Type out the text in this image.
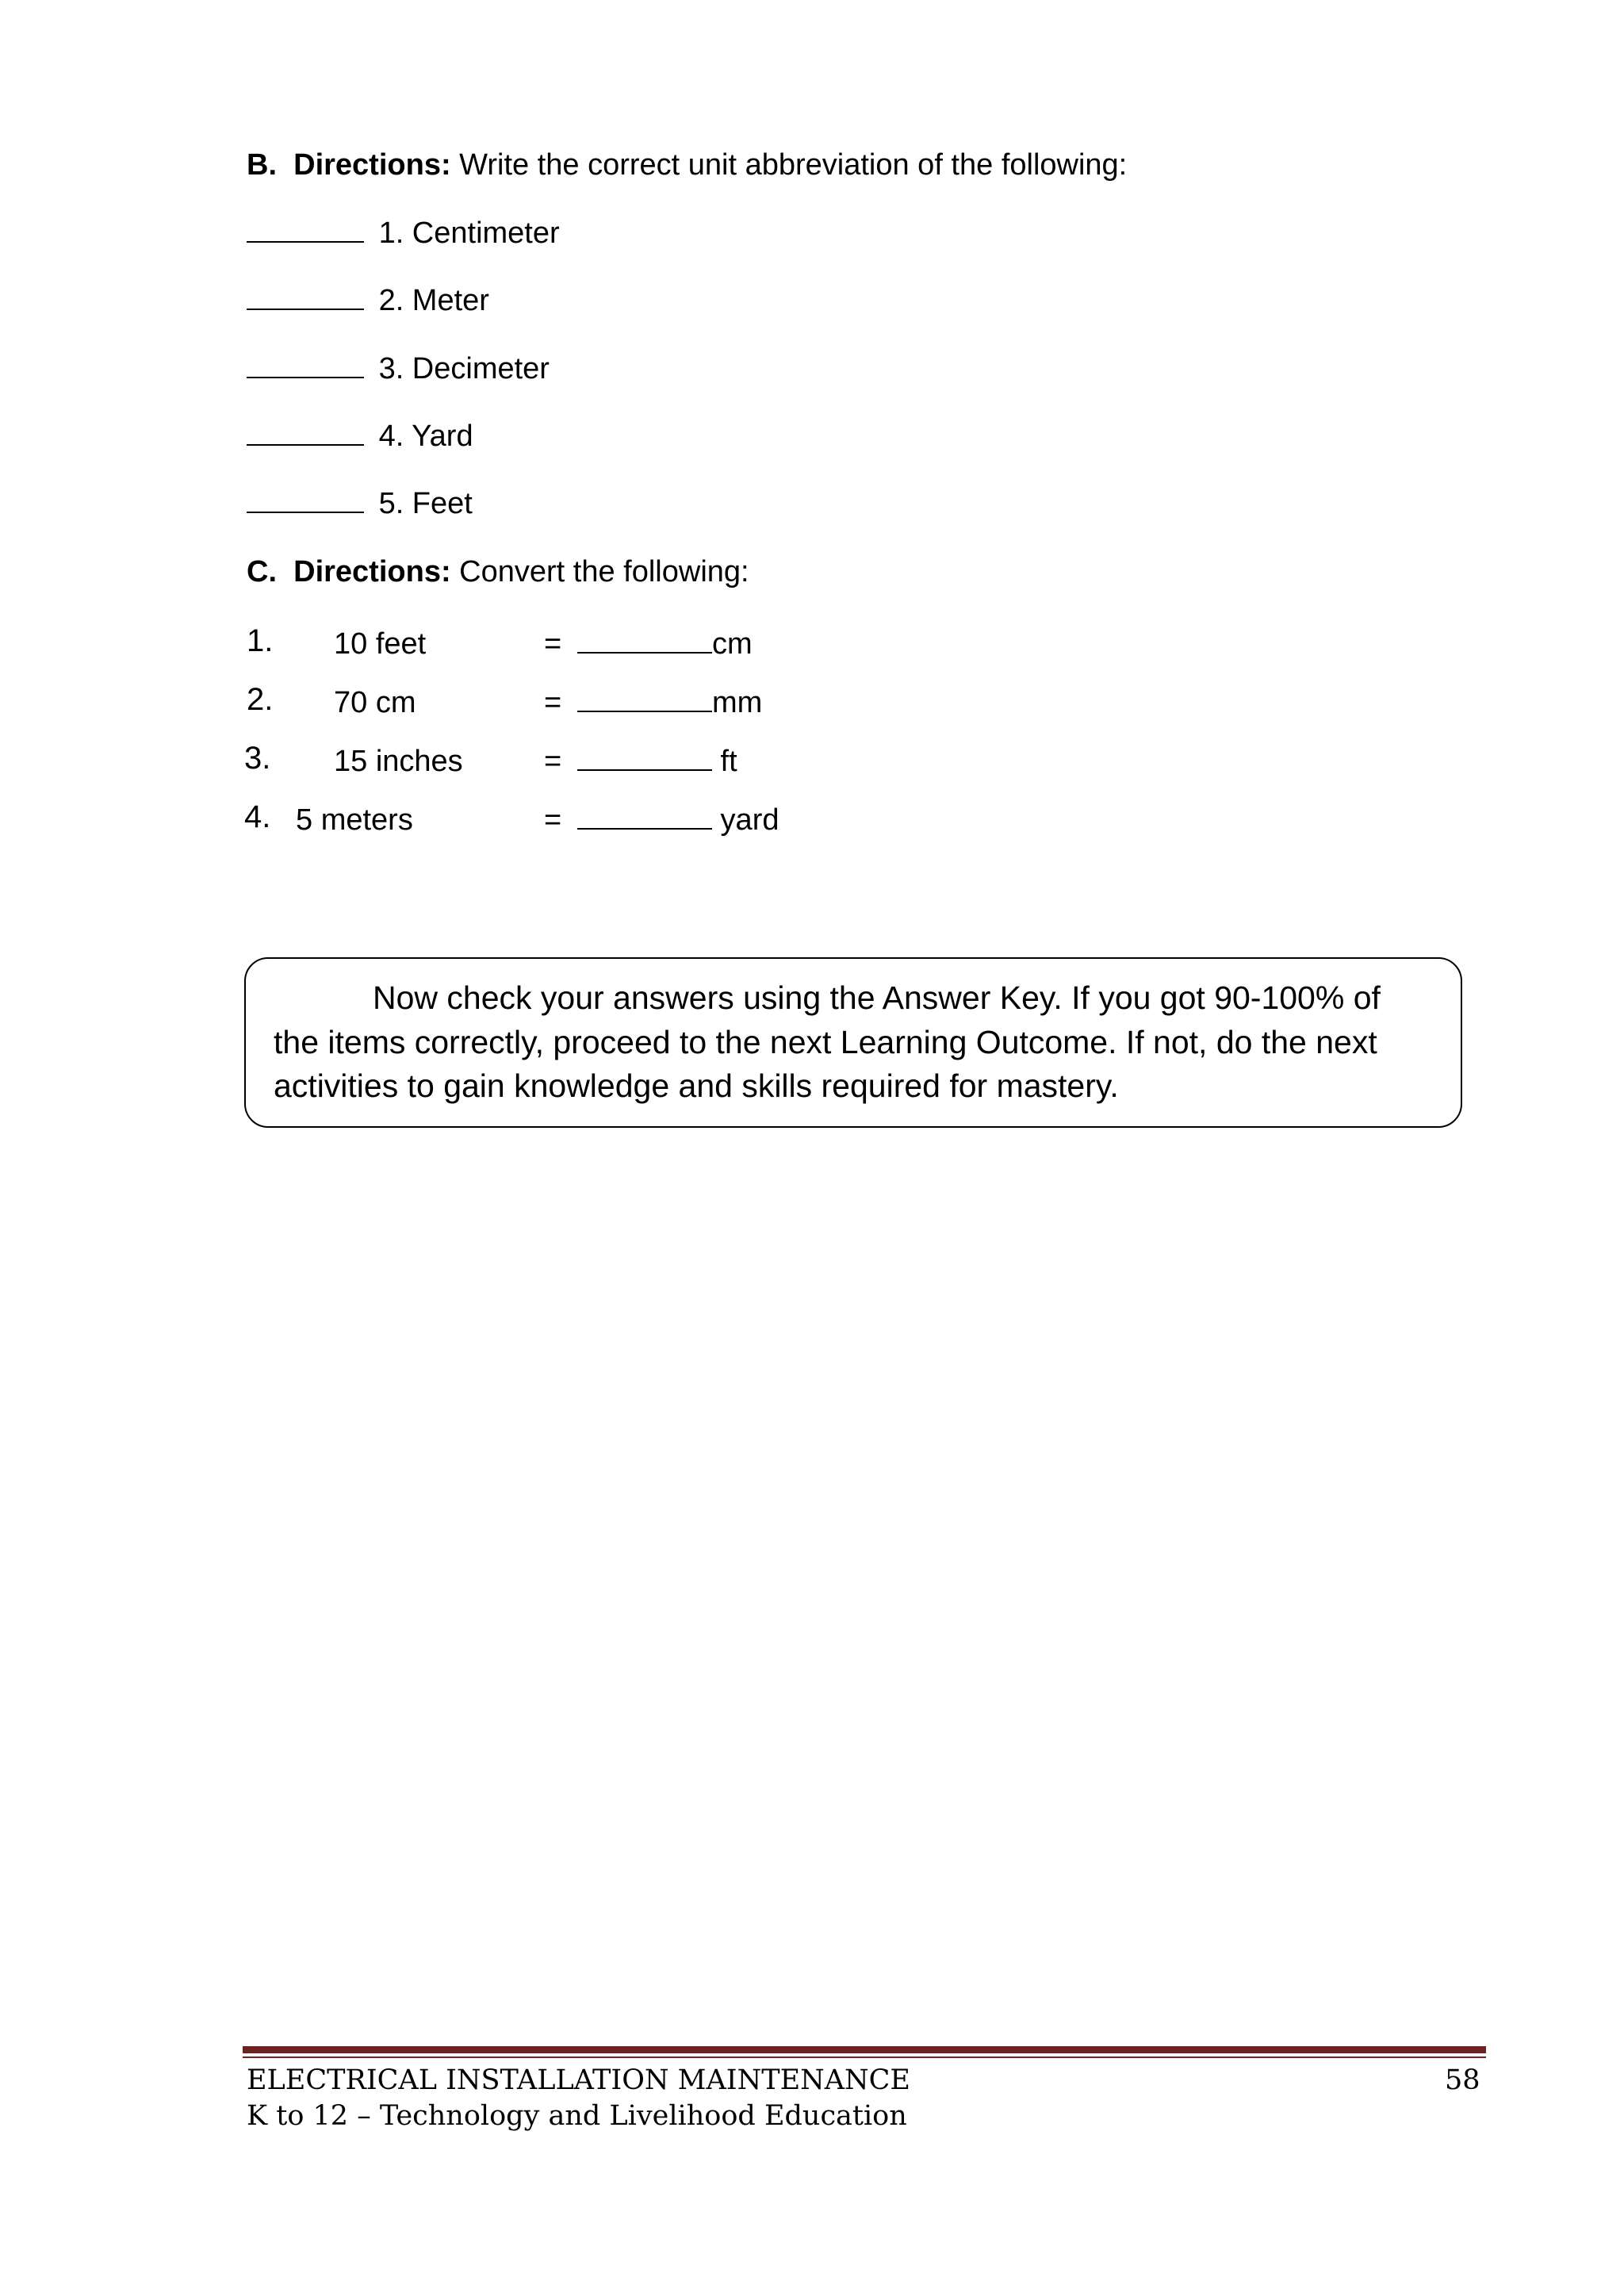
B. Directions: Write the correct unit abbreviation of the following:
1. Centimeter
2. Meter
3. Decimeter
4. Yard
5. Feet
C. Directions: Convert the following:
1. 10 feet	=	cm
2. 70 cm	=	mm
3. 15 inches	=	ft
4. 5 meters	=	yard
Now check your answers using the Answer Key. If you got 90-100% of
the items correctly, proceed to the next Learning Outcome. If not, do the next
activities to gain knowledge and skills required for mastery.
ELECTRICAL INSTALLATION MAINTENANCE
K to 12 – Technology and Livelihood Education
58
